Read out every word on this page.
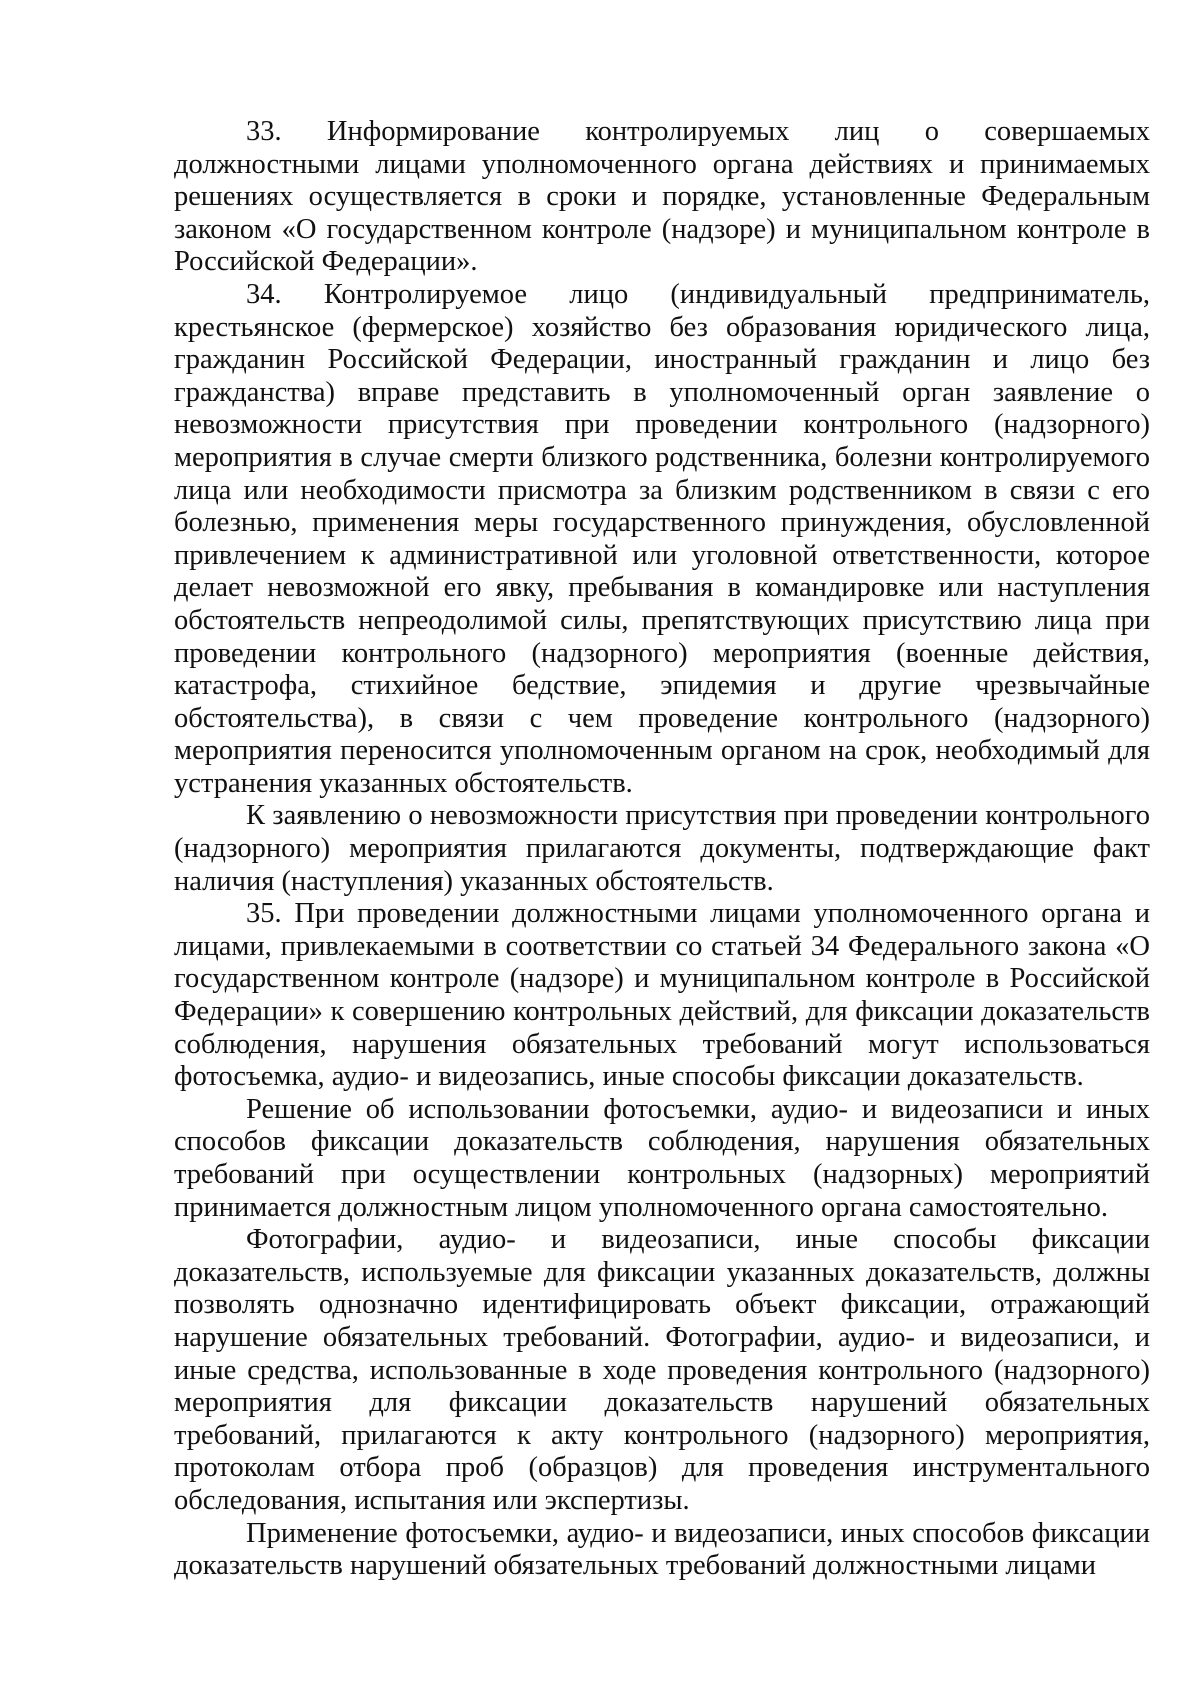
33. Информирование контролируемых лиц о совершаемых должностными лицами уполномоченного органа действиях и принимаемых решениях осуществляется в сроки и порядке, установленные Федеральным законом «О государственном контроле (надзоре) и муниципальном контроле в Российской Федерации».

34. Контролируемое лицо (индивидуальный предприниматель, крестьянское (фермерское) хозяйство без образования юридического лица, гражданин Российской Федерации, иностранный гражданин и лицо без гражданства) вправе представить в уполномоченный орган заявление о невозможности присутствия при проведении контрольного (надзорного) мероприятия в случае смерти близкого родственника, болезни контролируемого лица или необходимости присмотра за близким родственником в связи с его болезнью, применения меры государственного принуждения, обусловленной привлечением к административной или уголовной ответственности, которое делает невозможной его явку, пребывания в командировке или наступления обстоятельств непреодолимой силы, препятствующих присутствию лица при проведении контрольного (надзорного) мероприятия (военные действия, катастрофа, стихийное бедствие, эпидемия и другие чрезвычайные обстоятельства), в связи с чем проведение контрольного (надзорного) мероприятия переносится уполномоченным органом на срок, необходимый для устранения указанных обстоятельств.

К заявлению о невозможности присутствия при проведении контрольного (надзорного) мероприятия прилагаются документы, подтверждающие факт наличия (наступления) указанных обстоятельств.

35. При проведении должностными лицами уполномоченного органа и лицами, привлекаемыми в соответствии со статьей 34 Федерального закона «О государственном контроле (надзоре) и муниципальном контроле в Российской Федерации» к совершению контрольных действий, для фиксации доказательств соблюдения, нарушения обязательных требований могут использоваться фотосъемка, аудио- и видеозапись, иные способы фиксации доказательств.

Решение об использовании фотосъемки, аудио- и видеозаписи и иных способов фиксации доказательств соблюдения, нарушения обязательных требований при осуществлении контрольных (надзорных) мероприятий принимается должностным лицом уполномоченного органа самостоятельно.

Фотографии, аудио- и видеозаписи, иные способы фиксации доказательств, используемые для фиксации указанных доказательств, должны позволять однозначно идентифицировать объект фиксации, отражающий нарушение обязательных требований. Фотографии, аудио- и видеозаписи, и иные средства, использованные в ходе проведения контрольного (надзорного) мероприятия для фиксации доказательств нарушений обязательных требований, прилагаются к акту контрольного (надзорного) мероприятия, протоколам отбора проб (образцов) для проведения инструментального обследования, испытания или экспертизы.

Применение фотосъемки, аудио- и видеозаписи, иных способов фиксации доказательств нарушений обязательных требований должностными лицами
